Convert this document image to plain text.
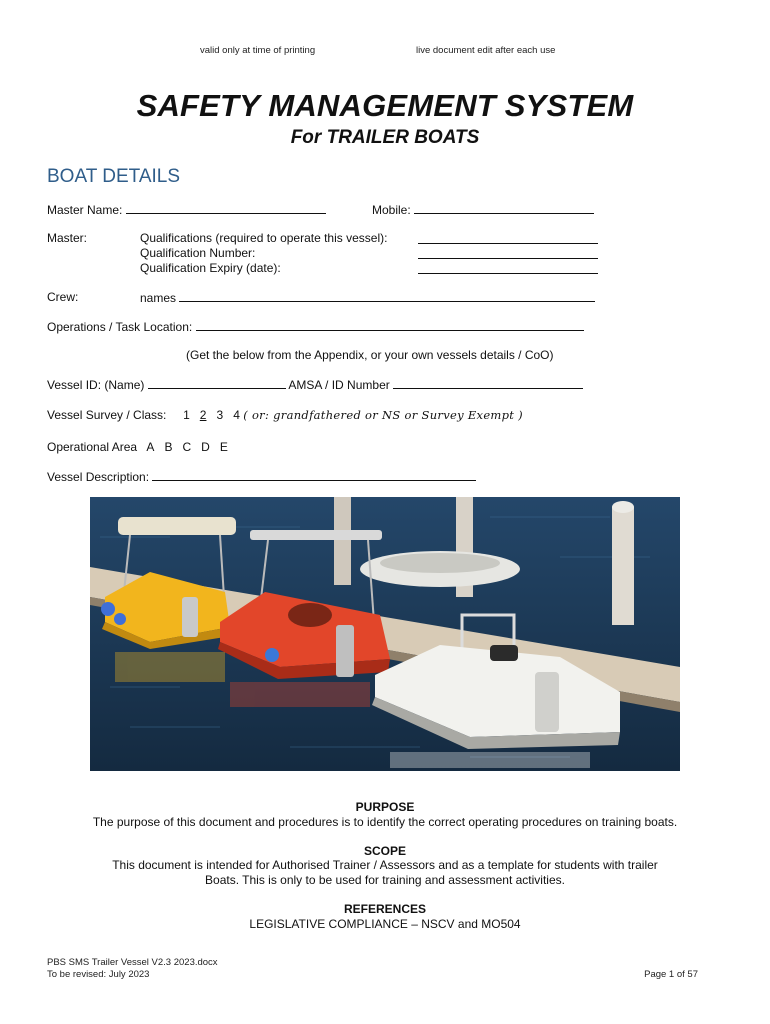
valid only at time of printing	live document edit after each use
SAFETY MANAGEMENT SYSTEM
For TRAILER BOATS
BOAT DETAILS
Master Name:	Mobile:
Master:	Qualifications (required to operate this vessel):
Qualification Number:
Qualification Expiry (date):
Crew:	names
Operations / Task Location:
(Get the below from the Appendix, or your own vessels details / CoO)
Vessel ID: (Name)	AMSA / ID Number
Vessel Survey / Class: 1 2 3 4 ( or: grandfathered or NS or Survey Exempt )
Operational Area A B C D E
Vessel Description:
PURPOSE
The purpose of this document and procedures is to identify the correct operating procedures on training boats.
SCOPE
This document is intended for Authorised Trainer / Assessors and as a template for students with trailer
Boats. This is only to be used for training and assessment activities.
REFERENCES
LEGISLATIVE COMPLIANCE – NSCV and MO504
PBS SMS Trailer Vessel V2.3 2023.docx
To be revised: July 2023	Page 1 of 57
